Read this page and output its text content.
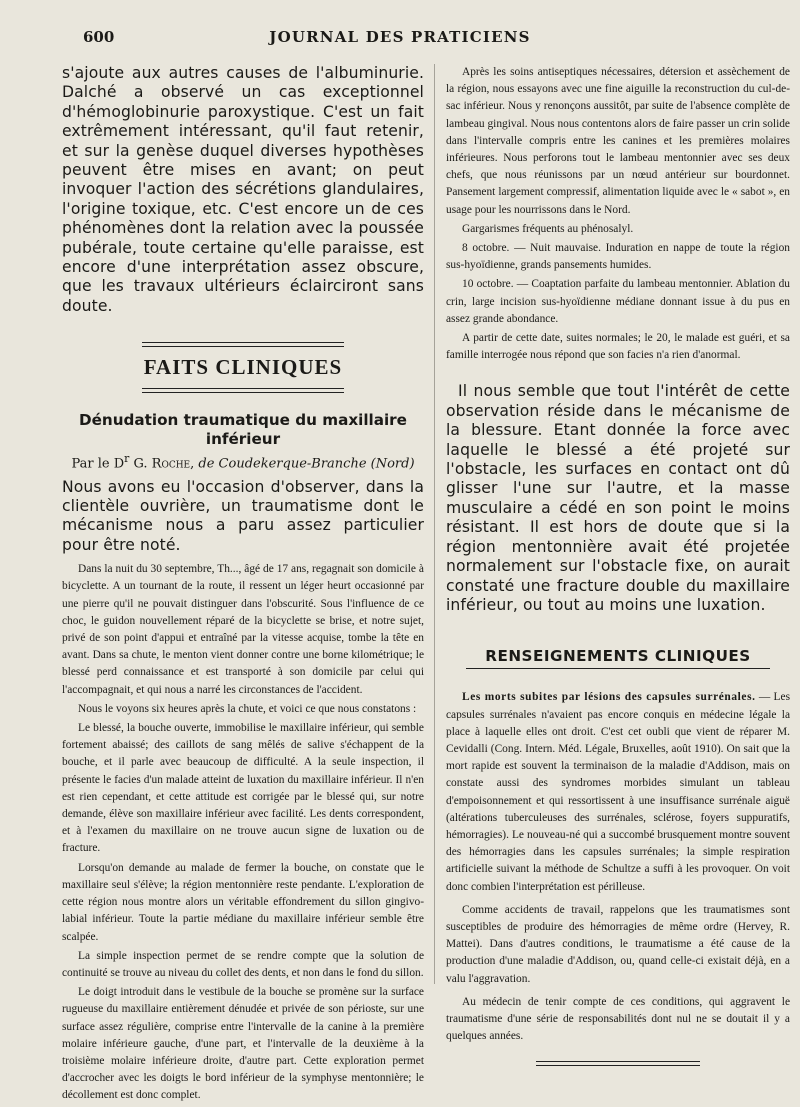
600	JOURNAL DES PRATICIENS

s'ajoute aux autres causes de l'albuminurie. Dalché a observé un cas exceptionnel d'hémoglobinurie paroxystique. C'est un fait extrêmement intéressant, qu'il faut retenir, et sur la genèse duquel diverses hypothèses peuvent être mises en avant; on peut invoquer l'action des sécrétions glandulaires, l'origine toxique, etc. C'est encore un de ces phénomènes dont la relation avec la poussée pubérale, toute certaine qu'elle paraisse, est encore d'une interprétation assez obscure, que les travaux ultérieurs éclairciront sans doute.

FAITS CLINIQUES
Dénudation traumatique du maxillaire inférieur
Par le $D^r$ G. Roche, de Coudekerque-Branche (Nord)

Nous avons eu l'occasion d'observer, dans la clientèle ouvrière, un traumatisme dont le mécanisme nous a paru assez particulier pour être noté.

Dans la nuit du 30 septembre, Th..., âgé de 17 ans, regagnait son domicile à bicyclette. A un tournant de la route, il ressent un léger heurt occasionné par une pierre qu'il ne pouvait distinguer dans l'obscurité. Sous l'influence de ce choc, le guidon nouvellement réparé de la bicyclette se brise, et notre sujet, privé de son point d'appui et entraîné par la vitesse acquise, tombe la tête en avant. Dans sa chute, le menton vient donner contre une borne kilométrique; le blessé perd connaissance et est transporté à son domicile par celui qui l'accompagnait, et qui nous a narré les circonstances de l'accident.

Nous le voyons six heures après la chute, et voici ce que nous constatons :

Le blessé, la bouche ouverte, immobilise le maxillaire inférieur, qui semble fortement abaissé; des caillots de sang mêlés de salive s'échappent de la bouche, et il parle avec beaucoup de difficulté. A la seule inspection, il présente le facies d'un malade atteint de luxation du maxillaire inférieur. Il n'en est rien cependant, et cette attitude est corrigée par le blessé qui, sur notre demande, élève son maxillaire inférieur avec facilité. Les dents correspondent, et à l'examen du maxillaire on ne trouve aucun signe de luxation ou de fracture.

Lorsqu'on demande au malade de fermer la bouche, on constate que le maxillaire seul s'élève; la région mentonnière reste pendante. L'exploration de cette région nous montre alors un véritable effondrement du sillon gingivo-labial inférieur. Toute la partie médiane du maxillaire inférieur semble être scalpée.

La simple inspection permet de se rendre compte que la solution de continuité se trouve au niveau du collet des dents, et non dans le fond du sillon.

Le doigt introduit dans le vestibule de la bouche se promène sur la surface rugueuse du maxillaire entièrement dénudée et privée de son périoste, sur une surface assez régulière, comprise entre l'intervalle de la canine à la première molaire inférieure gauche, d'une part, et l'intervalle de la deuxième à la troisième molaire inférieure droite, d'autre part. Cette exploration permet d'accrocher avec les doigts le bord inférieur de la symphyse mentonnière; le décollement est donc complet.

Après les soins antiseptiques nécessaires, détersion et assèchement de la région, nous essayons avec une fine aiguille la reconstruction du cul-de-sac inférieur. Nous y renonçons aussitôt, par suite de l'absence complète de lambeau gingival. Nous nous contentons alors de faire passer un crin solide dans l'intervalle compris entre les canines et les premières molaires inférieures. Nous perforons tout le lambeau mentonnier avec ses deux chefs, que nous réunissons par un nœud antérieur sur bourdonnet. Pansement largement compressif, alimentation liquide avec le « sabot », en usage pour les nourrissons dans le Nord.

Gargarismes fréquents au phénosalyl.

8 octobre. — Nuit mauvaise. Induration en nappe de toute la région sus-hyoïdienne, grands pansements humides.

10 octobre. — Coaptation parfaite du lambeau mentonnier. Ablation du crin, large incision sus-hyoïdienne médiane donnant issue à du pus en assez grande abondance.

A partir de cette date, suites normales; le 20, le malade est guéri, et sa famille interrogée nous répond que son facies n'a rien d'anormal.

Il nous semble que tout l'intérêt de cette observation réside dans le mécanisme de la blessure. Etant donnée la force avec laquelle le blessé a été projeté sur l'obstacle, les surfaces en contact ont dû glisser l'une sur l'autre, et la masse musculaire a cédé en son point le moins résistant. Il est hors de doute que si la région mentonnière avait été projetée normalement sur l'obstacle fixe, on aurait constaté une fracture double du maxillaire inférieur, ou tout au moins une luxation.

RENSEIGNEMENTS CLINIQUES

Les morts subites par lésions des capsules surrénales. — Les capsules surrénales n'avaient pas encore conquis en médecine légale la place à laquelle elles ont droit. C'est cet oubli que vient de réparer M. Cevidalli (Cong. Intern. Méd. Légale, Bruxelles, août 1910). On sait que la mort rapide est souvent la terminaison de la maladie d'Addison, mais on constate aussi des syndromes morbides simulant un tableau d'empoisonnement et qui ressortissent à une insuffisance surrénale aiguë (altérations tuberculeuses des surrénales, sclérose, foyers suppuratifs, hémorragies). Le nouveau-né qui a succombé brusquement montre souvent des hémorragies dans les capsules surrénales; la simple respiration artificielle suivant la méthode de Schultze a suffi à les provoquer. On voit donc combien l'interprétation est périlleuse.

Comme accidents de travail, rappelons que les traumatismes sont susceptibles de produire des hémorragies de même ordre (Hervey, R. Mattei). Dans d'autres conditions, le traumatisme a été cause de la production d'une maladie d'Addison, ou, quand celle-ci existait déjà, en a valu l'aggravation.

Au médecin de tenir compte de ces conditions, qui aggravent le traumatisme d'une série de responsabilités dont nul ne se doutait il y a quelques années.
